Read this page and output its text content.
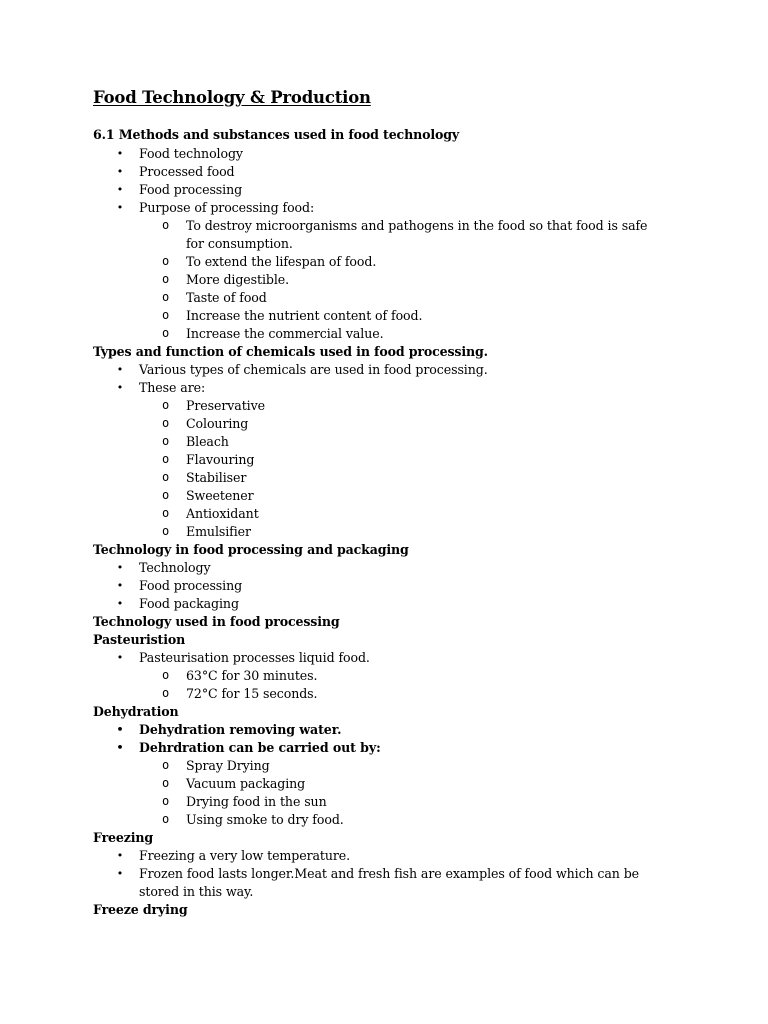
Food Technology & Production
6.1 Methods and substances used in food technology
• Food technology
• Processed food
• Food processing
• Purpose of processing food:
o To destroy microorganisms and pathogens in the food so that food is safe for consumption.
o To extend the lifespan of food.
o More digestible.
o Taste of food
o Increase the nutrient content of food.
o Increase the commercial value.
Types and function of chemicals used in food processing.
• Various types of chemicals are used in food processing.
• These are:
o Preservative
o Colouring
o Bleach
o Flavouring
o Stabiliser
o Sweetener
o Antioxidant
o Emulsifier
Technology in food processing and packaging
• Technology
• Food processing
• Food packaging
Technology used in food processing
Pasteuristion
• Pasteurisation processes liquid food.
o 63°C for 30 minutes.
o 72°C for 15 seconds.
Dehydration
• Dehydration removing water.
• Dehrdration can be carried out by:
o Spray Drying
o Vacuum packaging
o Drying food in the sun
o Using smoke to dry food.
Freezing
• Freezing a very low temperature.
• Frozen food lasts longer.Meat and fresh fish are examples of food which can be stored in this way.
Freeze drying
